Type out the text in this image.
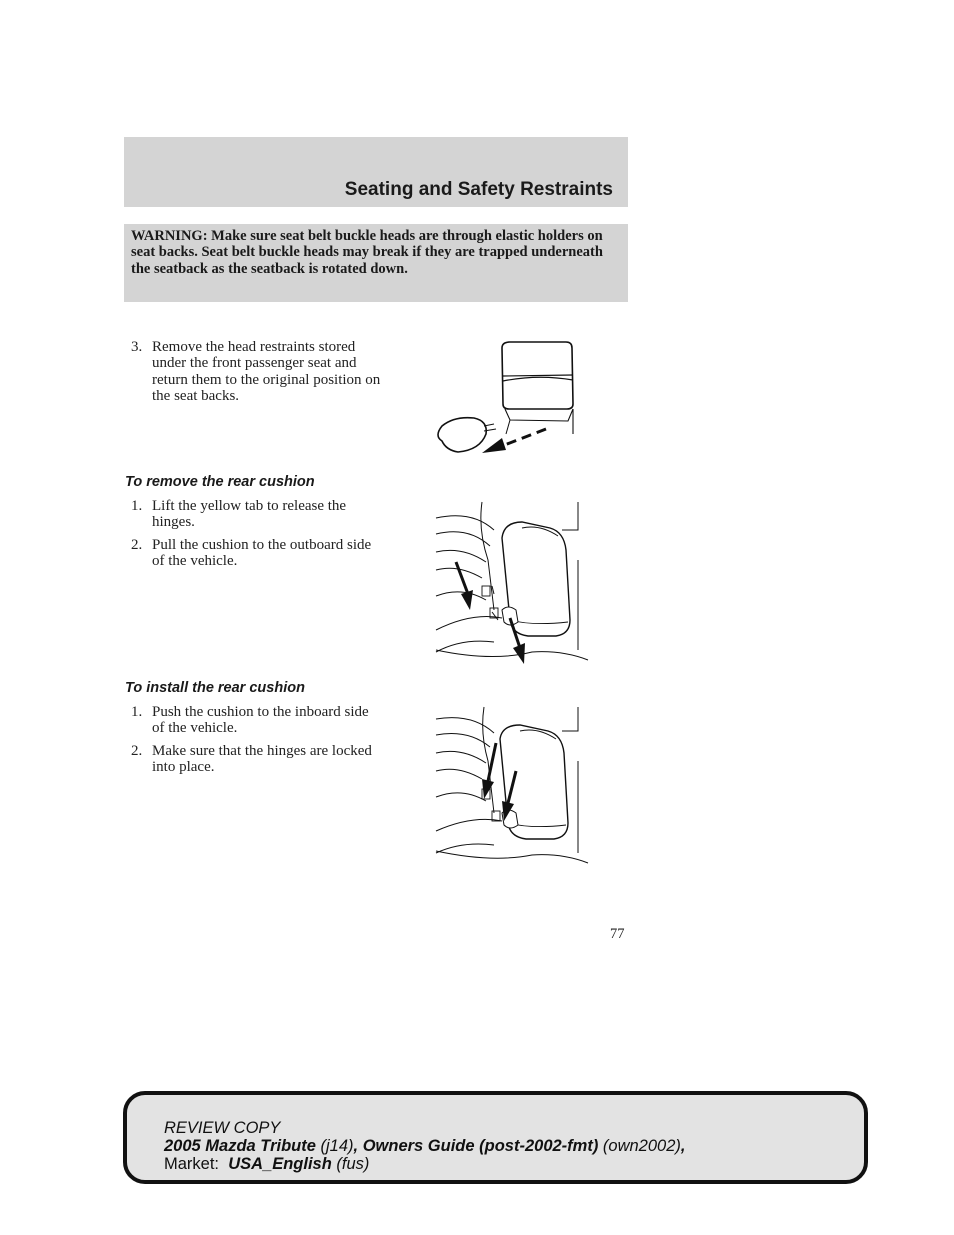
Seating and Safety Restraints
WARNING: Make sure seat belt buckle heads are through elastic holders on seat backs. Seat belt buckle heads may break if they are trapped underneath the seatback as the seatback is rotated down.
3. Remove the head restraints stored under the front passenger seat and return them to the original position on the seat backs.
To remove the rear cushion
1. Lift the yellow tab to release the hinges.
2. Pull the cushion to the outboard side of the vehicle.
To install the rear cushion
1. Push the cushion to the inboard side of the vehicle.
2. Make sure that the hinges are locked into place.
77
REVIEW COPY
2005 Mazda Tribute (j14), Owners Guide (post-2002-fmt) (own2002),
Market:  USA_English (fus)
